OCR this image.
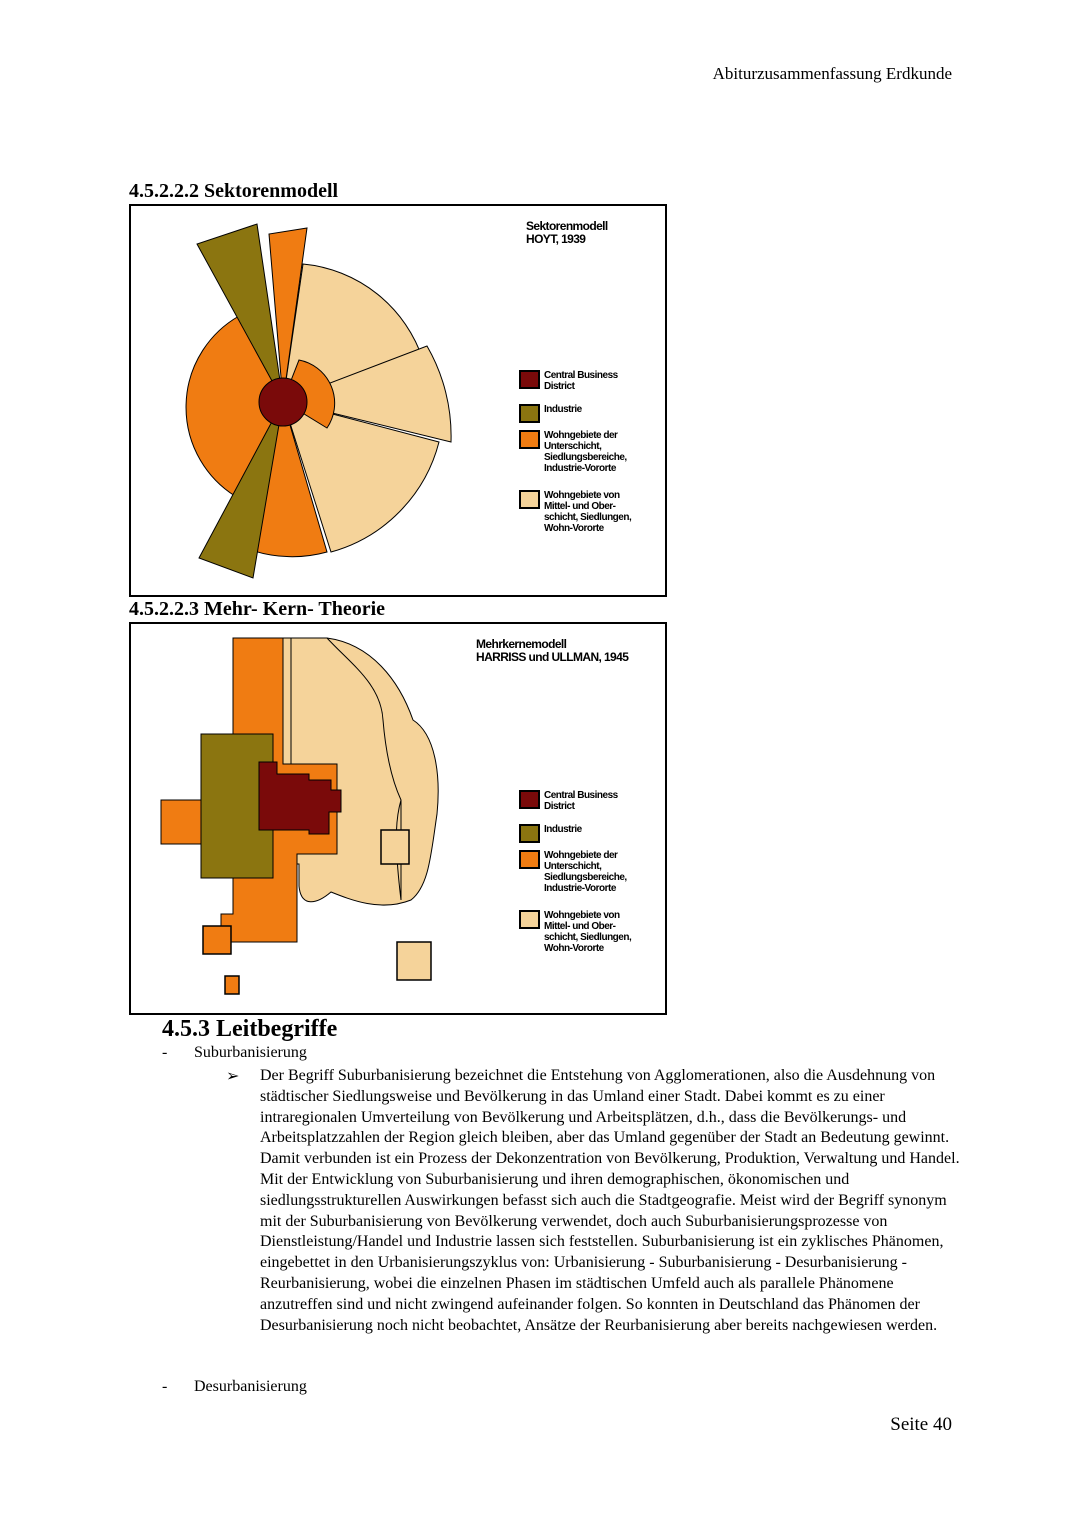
Abiturzusammenfassung Erdkunde
4.5.2.2.2 Sektorenmodell
Sektorenmodell
HOYT, 1939
Central Business
District
Industrie
Wohngebiete der
Unterschicht,
Siedlungsbereiche,
Industrie-Vororte
Wohngebiete von
Mittel- und Ober-
schicht, Siedlungen,
Wohn-Vororte
4.5.2.2.3 Mehr- Kern- Theorie
Mehrkernemodell
HARRISS und ULLMAN, 1945
Central Business
District
Industrie
Wohngebiete der
Unterschicht,
Siedlungsbereiche,
Industrie-Vororte
Wohngebiete von
Mittel- und Ober-
schicht, Siedlungen,
Wohn-Vororte
4.5.3 Leitbegriffe
- Suburbanisierung
➢ Der Begriff Suburbanisierung bezeichnet die Entstehung von Agglomerationen, also die Ausdehnung von städtischer Siedlungsweise und Bevölkerung in das Umland einer Stadt. Dabei kommt es zu einer intraregionalen Umverteilung von Bevölkerung und Arbeitsplätzen, d.h., dass die Bevölkerungs- und Arbeitsplatzzahlen der Region gleich bleiben, aber das Umland gegenüber der Stadt an Bedeutung gewinnt. Damit verbunden ist ein Prozess der Dekonzentration von Bevölkerung, Produktion, Verwaltung und Handel. Mit der Entwicklung von Suburbanisierung und ihren demographischen, ökonomischen und siedlungsstrukturellen Auswirkungen befasst sich auch die Stadtgeografie. Meist wird der Begriff synonym mit der Suburbanisierung von Bevölkerung verwendet, doch auch Suburbanisierungsprozesse von Dienstleistung/Handel und Industrie lassen sich feststellen. Suburbanisierung ist ein zyklisches Phänomen, eingebettet in den Urbanisierungszyklus von: Urbanisierung - Suburbanisierung - Desurbanisierung - Reurbanisierung, wobei die einzelnen Phasen im städtischen Umfeld auch als parallele Phänomene anzutreffen sind und nicht zwingend aufeinander folgen. So konnten in Deutschland das Phänomen der Desurbanisierung noch nicht beobachtet, Ansätze der Reurbanisierung aber bereits nachgewiesen werden.
- Desurbanisierung
Seite 40
